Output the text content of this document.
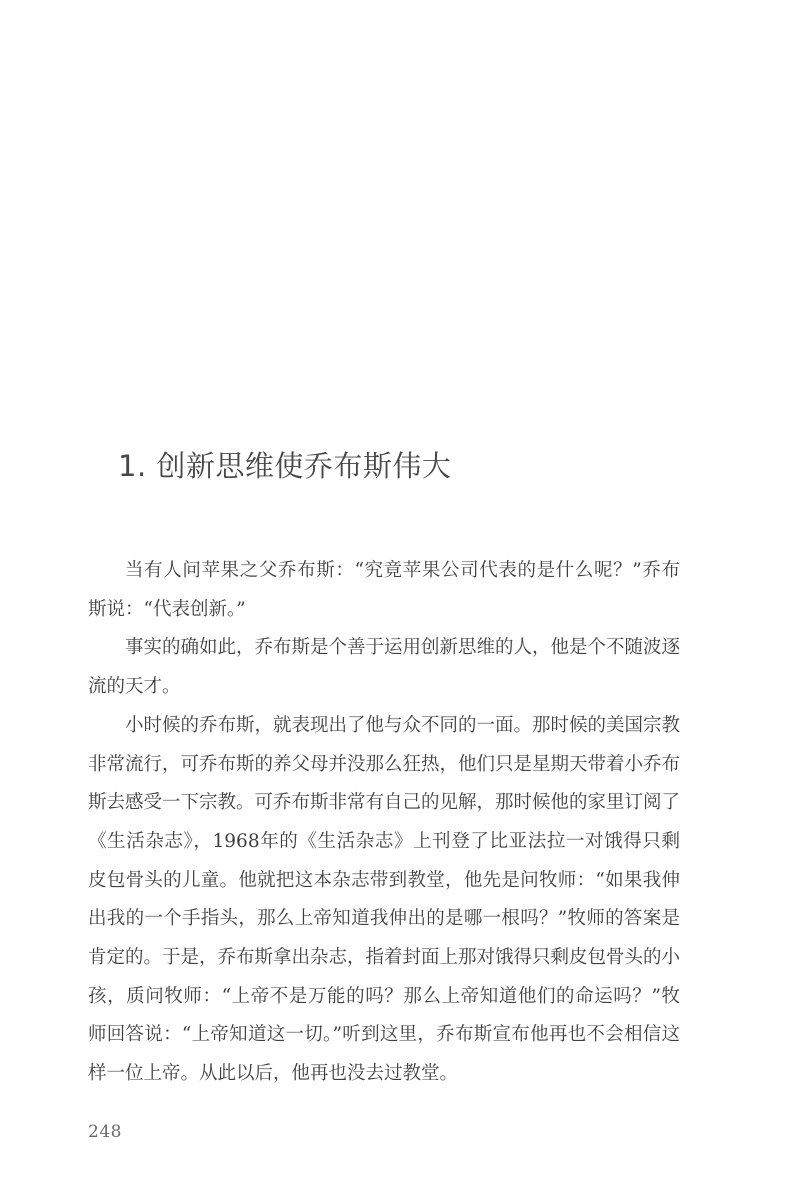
1. 创新思维使乔布斯伟大

当有人问苹果之父乔布斯：“究竟苹果公司代表的是什么呢？”乔布斯说：“代表创新。”

事实的确如此，乔布斯是个善于运用创新思维的人，他是个不随波逐流的天才。

小时候的乔布斯，就表现出了他与众不同的一面。那时候的美国宗教非常流行，可乔布斯的养父母并没那么狂热，他们只是星期天带着小乔布斯去感受一下宗教。可乔布斯非常有自己的见解，那时候他的家里订阅了《生活杂志》，1968年的《生活杂志》上刊登了比亚法拉一对饿得只剩皮包骨头的儿童。他就把这本杂志带到教堂，他先是问牧师：“如果我伸出我的一个手指头，那么上帝知道我伸出的是哪一根吗？”牧师的答案是肯定的。于是，乔布斯拿出杂志，指着封面上那对饿得只剩皮包骨头的小孩，质问牧师：“上帝不是万能的吗？那么上帝知道他们的命运吗？”牧师回答说：“上帝知道这一切。”听到这里，乔布斯宣布他再也不会相信这样一位上帝。从此以后，他再也没去过教堂。

248
